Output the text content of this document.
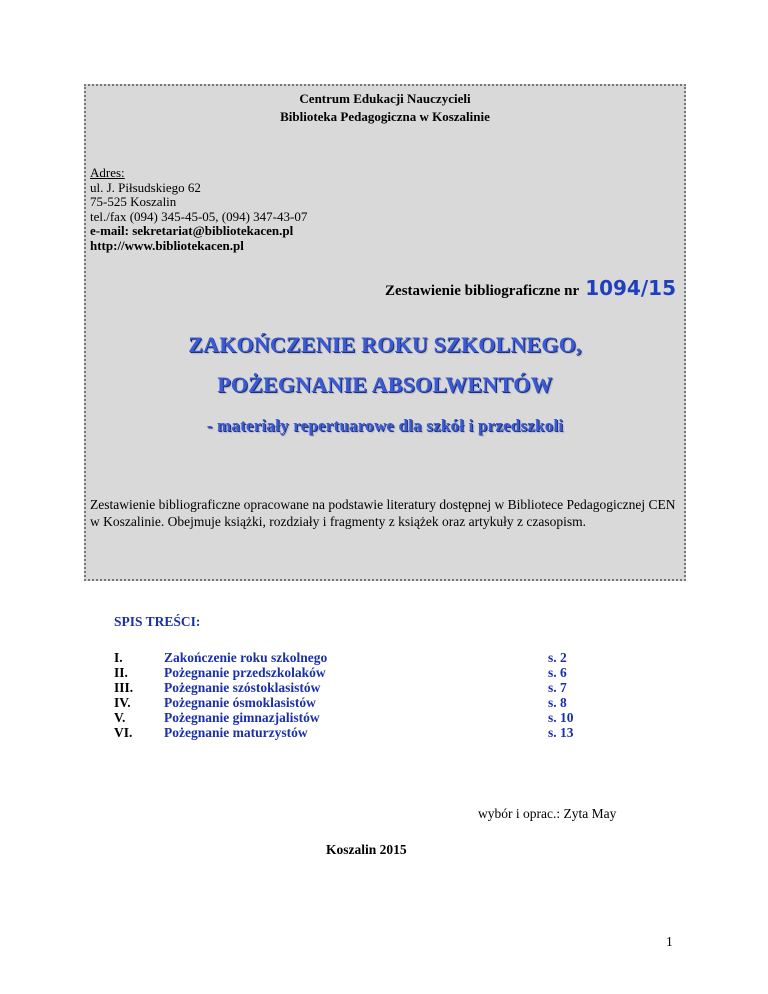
Centrum Edukacji Nauczycieli
Biblioteka Pedagogiczna w Koszalinie
Adres:
ul. J. Piłsudskiego 62
75-525 Koszalin
tel./fax (094) 345-45-05, (094) 347-43-07
e-mail: sekretariat@bibliotekacen.pl
http://www.bibliotekacen.pl
Zestawienie bibliograficzne nr 1094/15
ZAKOŃCZENIE ROKU SZKOLNEGO,
POŻEGNANIE ABSOLWENTÓW
- materiały repertuarowe dla szkół i przedszkoli
Zestawienie bibliograficzne opracowane na podstawie literatury dostępnej w Bibliotece Pedagogicznej CEN w Koszalinie. Obejmuje książki, rozdziały i fragmenty z książek oraz artykuły z czasopism.
SPIS TREŚCI:
I.	Zakończenie roku szkolnego	s. 2
II.	Pożegnanie przedszkolaków	s. 6
III. Pożegnanie szóstoklasistów	s. 7
IV. Pożegnanie ósmoklasistów	s. 8
V.	Pożegnanie gimnazjalistów	s. 10
VI. Pożegnanie maturzystów	s. 13
wybór i oprac.: Zyta May
Koszalin 2015
1
